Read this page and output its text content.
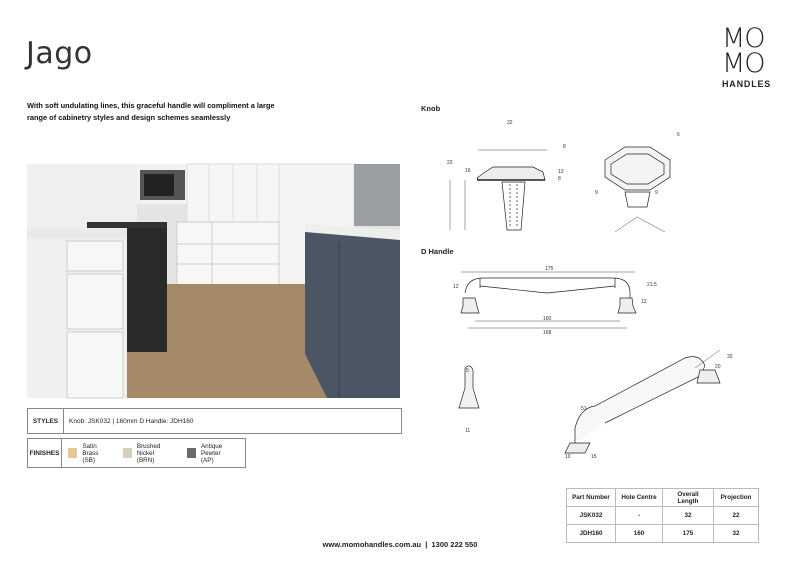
Jago
With soft undulating lines, this graceful handle will compliment a large range of cabinetry styles and design schemes seamlessly
MO
MO
HANDLES
STYLES	Knob: JSK032 | 160mm D Handle: JDH160
FINISHES
Satin Brass
(SB)
Brushed Nickel
(BRN)
Antique Pewter
(AP)
Knob
32
8
22
16	13
8
9	9
6
D Handle
175
12	21.5
12
160
168
5
11
32
20
51
10	15
Part Number	Hole Centre	Overall Length	Projection
JSK032	-	32	22
JDH160	160	175	32
www.momohandles.com.au  |  1300 222 550
